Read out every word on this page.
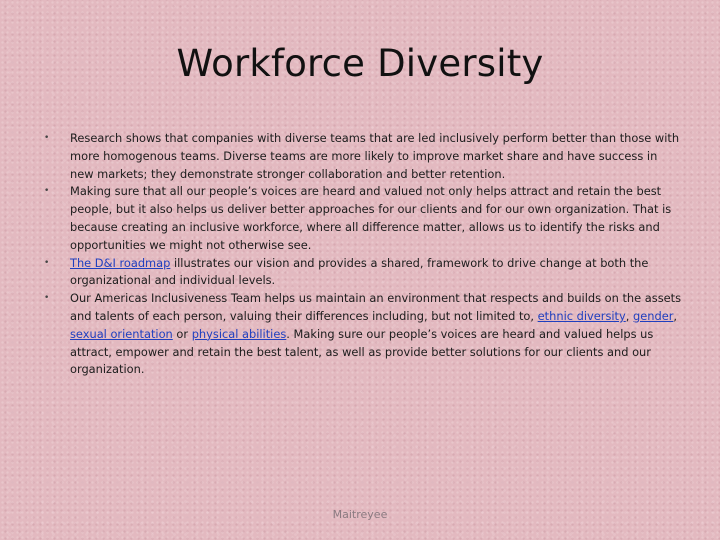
Workforce Diversity
• Research shows that companies with diverse teams that are led inclusively perform better than those with more homogenous teams. Diverse teams are more likely to improve market share and have success in new markets; they demonstrate stronger collaboration and better retention.
• Making sure that all our people’s voices are heard and valued not only helps attract and retain the best people, but it also helps us deliver better approaches for our clients and for our own organization. That is because creating an inclusive workforce, where all difference matter, allows us to identify the risks and opportunities we might not otherwise see.
• The D&I roadmap illustrates our vision and provides a shared, framework to drive change at both the organizational and individual levels.
• Our Americas Inclusiveness Team helps us maintain an environment that respects and builds on the assets and talents of each person, valuing their differences including, but not limited to, ethnic diversity, gender, sexual orientation or physical abilities. Making sure our people’s voices are heard and valued helps us attract, empower and retain the best talent, as well as provide better solutions for our clients and our organization.
Maitreyee
